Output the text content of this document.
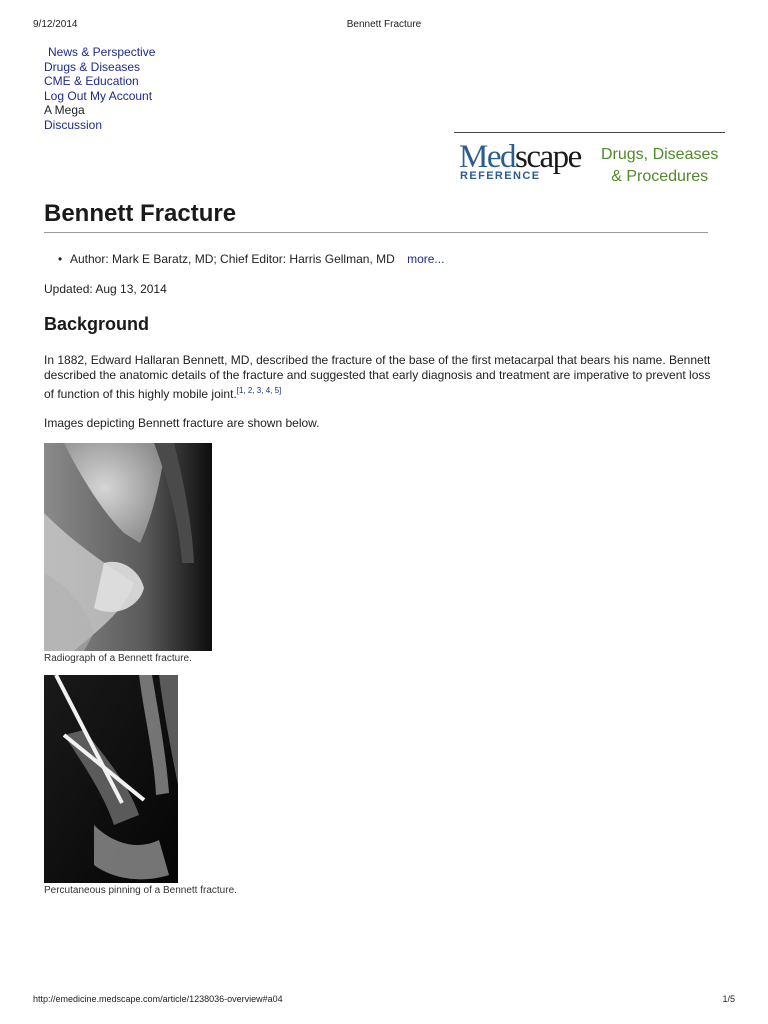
9/12/2014	Bennett Fracture
News & Perspective
Drugs & Diseases
CME & Education
Log Out My Account
A Mega
Discussion
Medscape
REFERENCE
Drugs, Diseases
& Procedures
Bennett Fracture
• Author: Mark E Baratz, MD; Chief Editor: Harris Gellman, MD more...
Updated: Aug 13, 2014
Background
In 1882, Edward Hallaran Bennett, MD, described the fracture of the base of the first metacarpal that bears his name. Bennett described the anatomic details of the fracture and suggested that early diagnosis and treatment are imperative to prevent loss of function of this highly mobile joint.[1, 2, 3, 4, 5]
Images depicting Bennett fracture are shown below.
Radiograph of a Bennett fracture.
Percutaneous pinning of a Bennett fracture.
http://emedicine.medscape.com/article/1238036-overview#a04	1/5
